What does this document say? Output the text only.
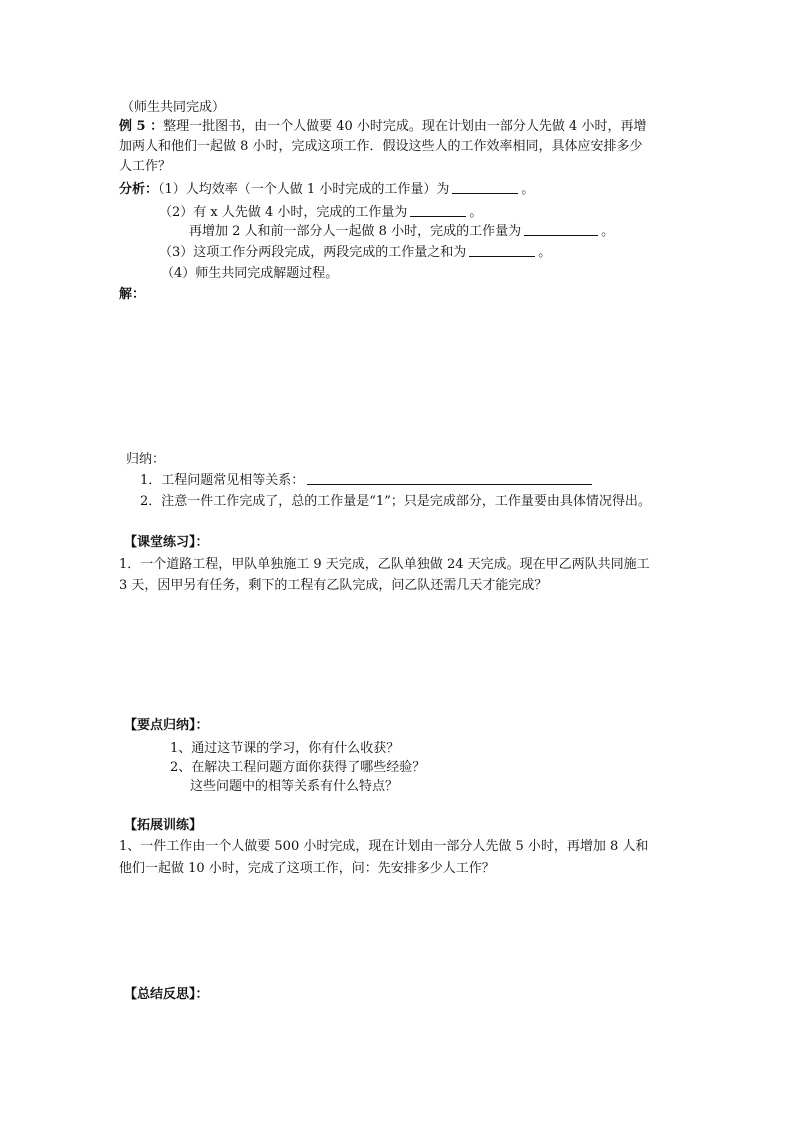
（师生共同完成）
例 5 ：整理一批图书，由一个人做要 40 小时完成。现在计划由一部分人先做 4 小时，再增
加两人和他们一起做 8 小时，完成这项工作．假设这些人的工作效率相同，具体应安排多少
人工作？
分析：（1）人均效率（一个人做 1 小时完成的工作量）为	。
（2）有 x 人先做 4 小时，完成的工作量为	。
再增加 2 人和前一部分人一起做 8 小时，完成的工作量为	。
（3）这项工作分两段完成，两段完成的工作量之和为	。
（4）师生共同完成解题过程。
解：
归纳：
1．工程问题常见相等关系：
2．注意一件工作完成了，总的工作量是“1”；只是完成部分，工作量要由具体情况得出。
【课堂练习】：
1．一个道路工程，甲队单独施工 9 天完成，乙队单独做 24 天完成。现在甲乙两队共同施工
3 天，因甲另有任务，剩下的工程有乙队完成，问乙队还需几天才能完成？
【要点归纳】：
1、通过这节课的学习，你有什么收获？
2、在解决工程问题方面你获得了哪些经验？
这些问题中的相等关系有什么特点？
【拓展训练】
1、一件工作由一个人做要 500 小时完成，现在计划由一部分人先做 5 小时，再增加 8 人和
他们一起做 10 小时，完成了这项工作，问：先安排多少人工作？
【总结反思】：
